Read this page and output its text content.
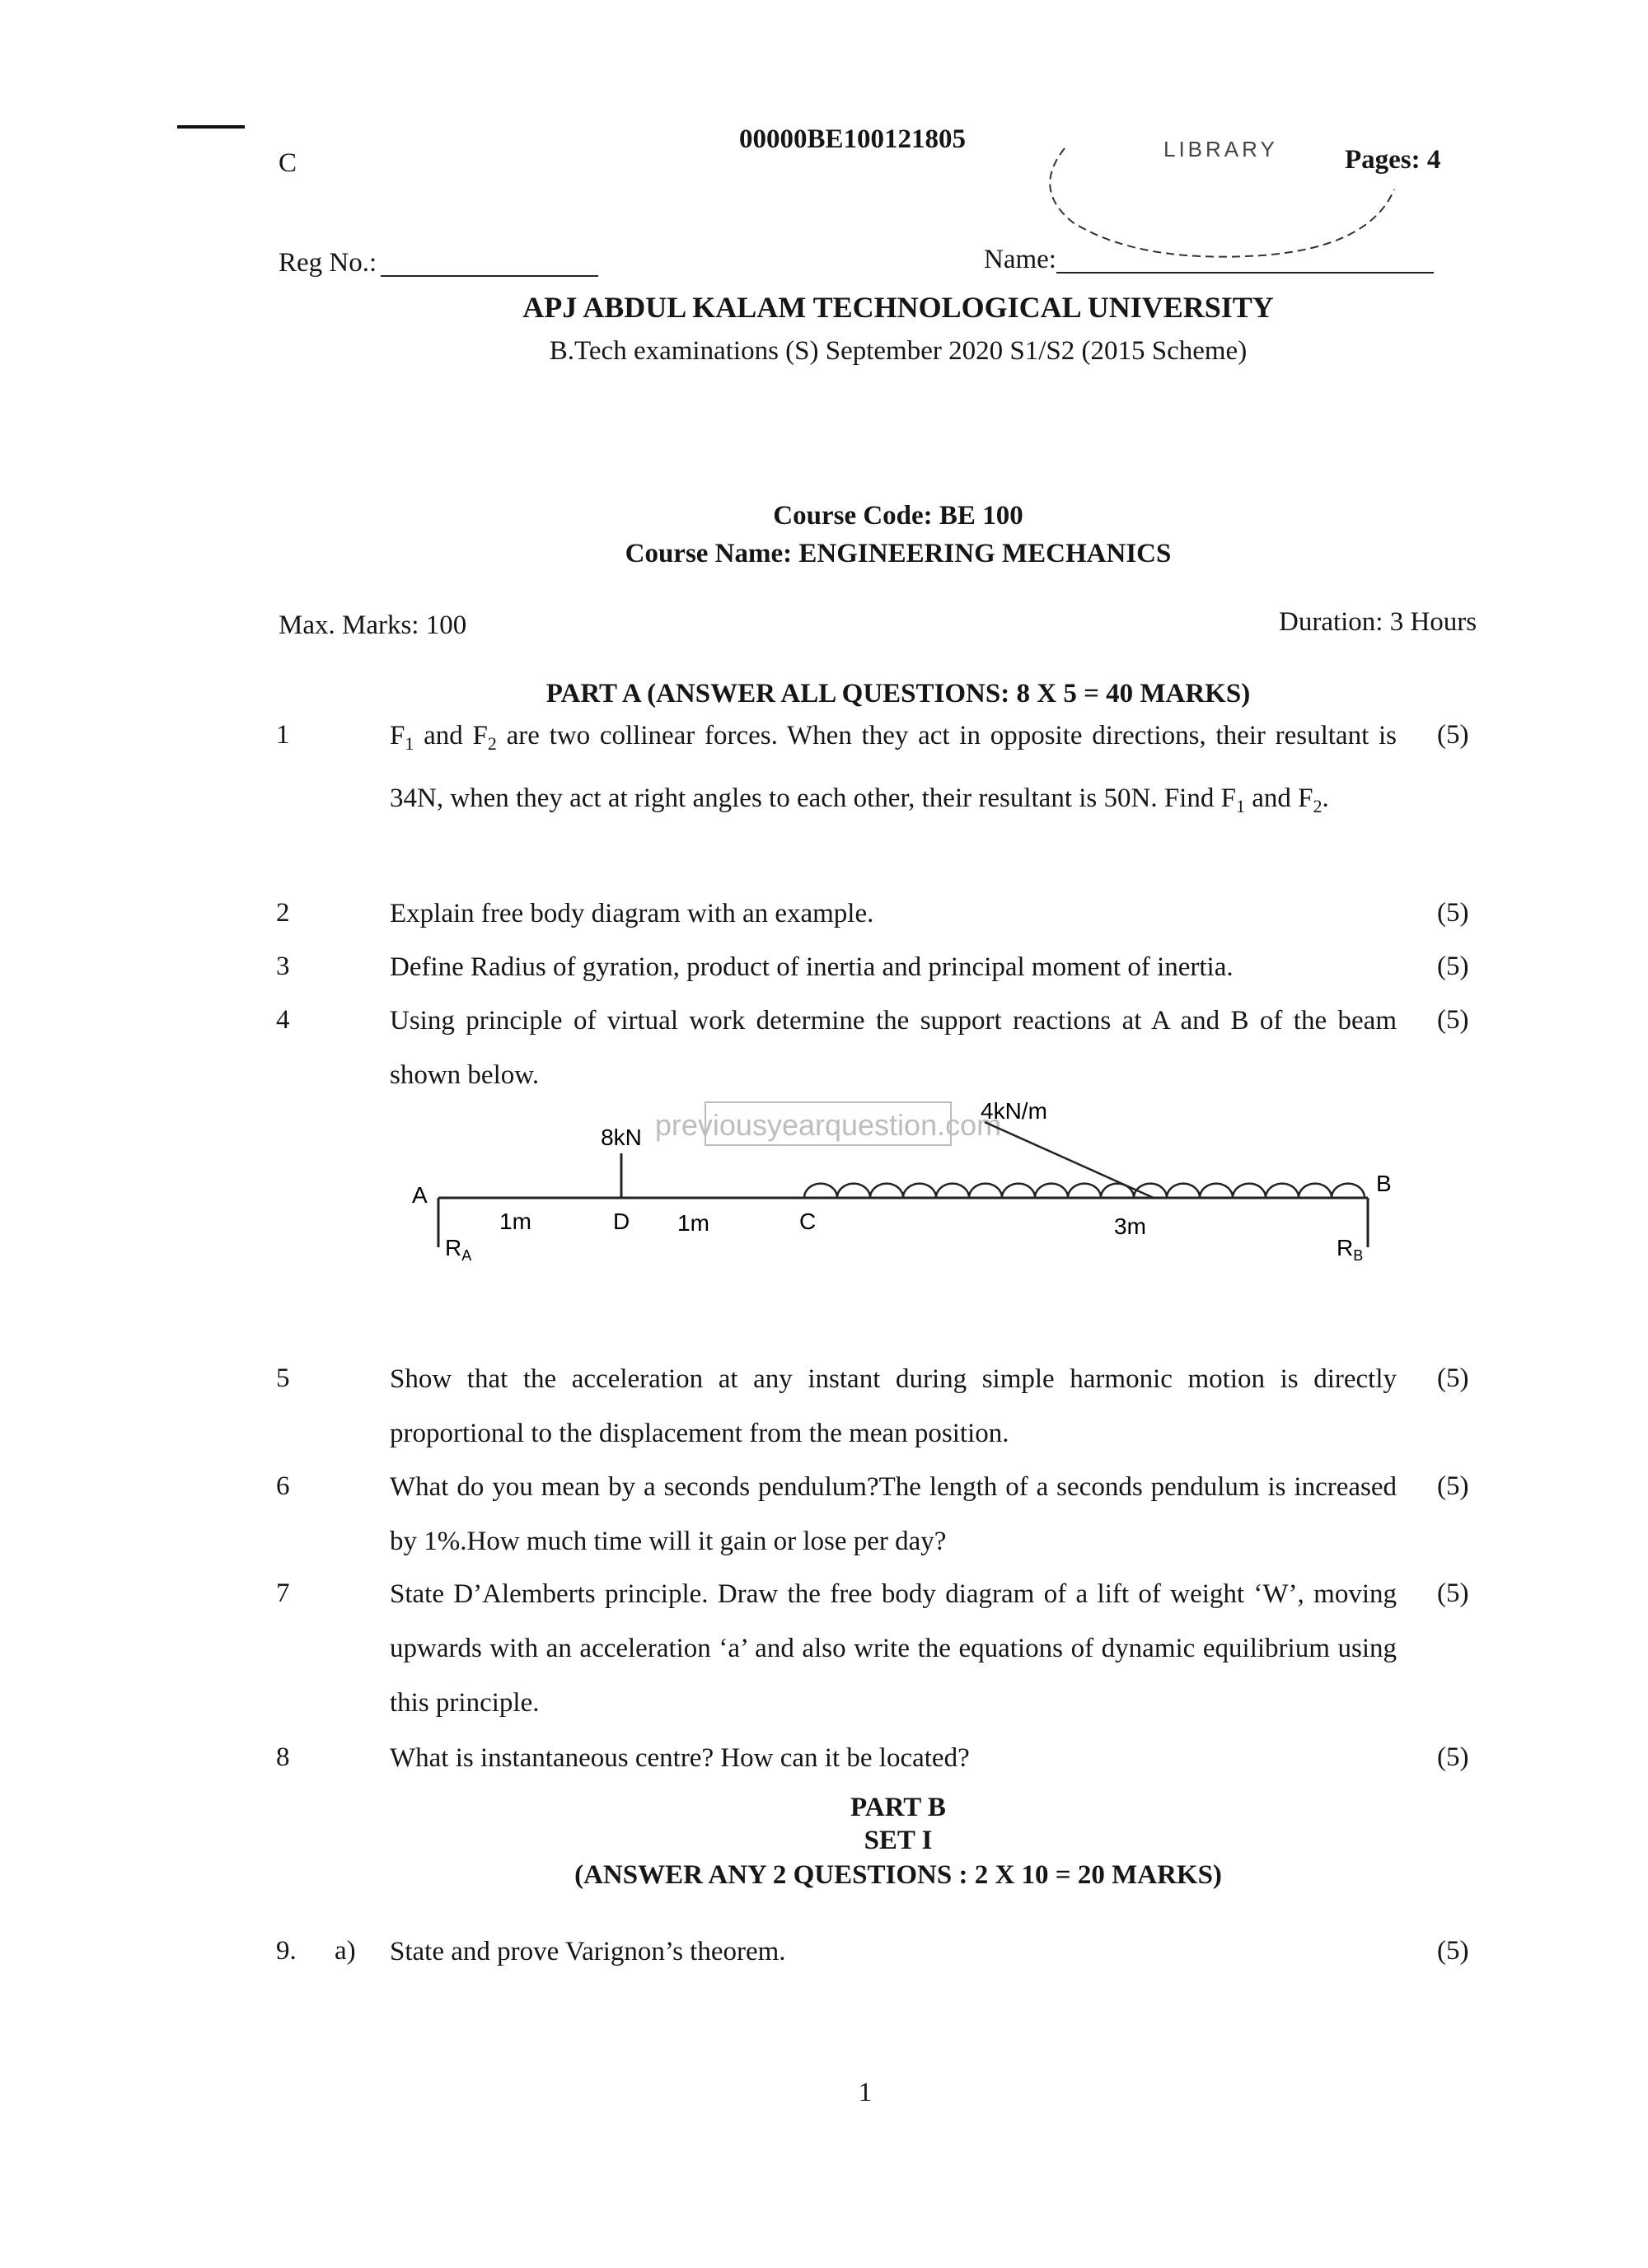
C
00000BE100121805
Pages: 4
LIBRARY
Reg No.:	Name:
APJ ABDUL KALAM TECHNOLOGICAL UNIVERSITY
B.Tech examinations (S) September 2020 S1/S2 (2015 Scheme)
Course Code: BE 100
Course Name: ENGINEERING MECHANICS
Max. Marks: 100	Duration: 3 Hours
PART A (ANSWER ALL QUESTIONS: 8 X 5 = 40 MARKS)
1	$F_1$ and $F_2$ are two collinear forces. When they act in opposite directions, their resultant is 34N, when they act at right angles to each other, their resultant is 50N. Find $F_1$ and $F_2$.
(5)
2	Explain free body diagram with an example.	(5)
3	Define Radius of gyration, product of inertia and principal moment of inertia.	(5)
4	Using principle of virtual work determine the support reactions at A and B of the beam shown below.
(5)
previousyearquestion.com
8kN
4kN/m
A	B
C
D
1m	1m	3m
$R_A$	$R_B$
5	Show that the acceleration at any instant during simple harmonic motion is directly proportional to the displacement from the mean position.
(5)
6	What do you mean by a seconds pendulum?The length of a seconds pendulum is increased by 1%.How much time will it gain or lose per day?
(5)
7	State D’Alemberts principle. Draw the free body diagram of a lift of weight ‘W’, moving upwards with an acceleration ‘a’ and also write the equations of dynamic equilibrium using this principle.
(5)
8	What is instantaneous centre? How can it be located?	(5)
PART B
SET I
(ANSWER ANY 2 QUESTIONS : 2 X 10 = 20 MARKS)
9. a) State and prove Varignon’s theorem.	(5)
1
